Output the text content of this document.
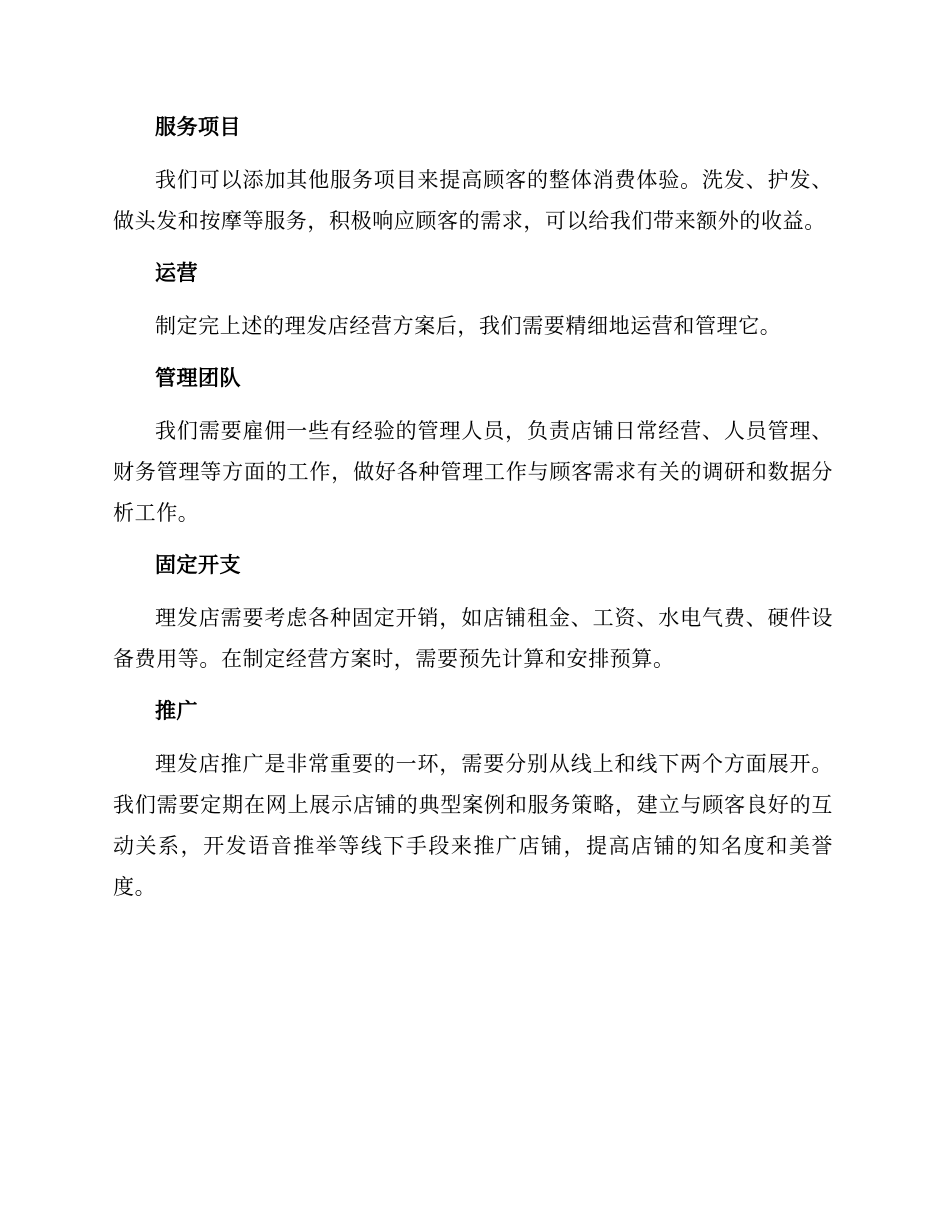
服务项目

我们可以添加其他服务项目来提高顾客的整体消费体验。洗发、护发、做头发和按摩等服务，积极响应顾客的需求，可以给我们带来额外的收益。

运营

制定完上述的理发店经营方案后，我们需要精细地运营和管理它。

管理团队

我们需要雇佣一些有经验的管理人员，负责店铺日常经营、人员管理、财务管理等方面的工作，做好各种管理工作与顾客需求有关的调研和数据分析工作。

固定开支

理发店需要考虑各种固定开销，如店铺租金、工资、水电气费、硬件设备费用等。在制定经营方案时，需要预先计算和安排预算。

推广

理发店推广是非常重要的一环，需要分别从线上和线下两个方面展开。我们需要定期在网上展示店铺的典型案例和服务策略，建立与顾客良好的互动关系，开发语音推举等线下手段来推广店铺，提高店铺的知名度和美誉度。
